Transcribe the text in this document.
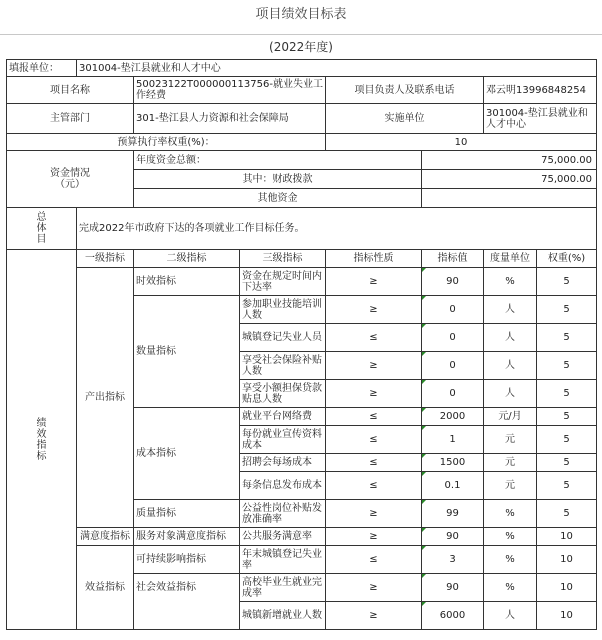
项目绩效目标表
(2022年度)
填报单位：	301004-垫江县就业和人才中心						
项目名称		50023122T000000113756-就业失业工作经费		项目负责人及联系电话		邓云明13996848254	
主管部门		301-垫江县人力资源和社会保障局		实施单位		301004-垫江县就业和人才中心	
预算执行率权重(%)：				10			

资金情况
（元）		年度资金总额：			75,000.00		
		其中：财政拨款			75,000.00		
		其他资金					

总
体
目	完成2022年市政府下达的各项就业工作目标任务。						

绩
效
指
标	一级指标	二级指标	三级指标	指标性质	指标值	度量单位	权重(%)
	产出指标	时效指标	资金在规定时间内下达率	≥	90	%	5
		数量指标	参加职业技能培训人数	≥	0	人	5
			城镇登记失业人员	≤	0	人	5
			享受社会保险补贴人数	≥	0	人	5
			享受小额担保贷款贴息人数	≥	0	人	5
		成本指标	就业平台网络费	≤	2000	元/月	5
			每份就业宣传资料成本	≤	1	元	5
			招聘会每场成本	≤	1500	元	5
			每条信息发布成本	≤	0.1	元	5
		质量指标	公益性岗位补贴发放准确率	≥	99	%	5
	满意度指标	服务对象满意度指标	公共服务满意率	≥	90	%	10
	效益指标	可持续影响指标	年末城镇登记失业率	≤	3	%	10
		社会效益指标	高校毕业生就业完成率	≥	90	%	10
			城镇新增就业人数	≥	6000	人	10
